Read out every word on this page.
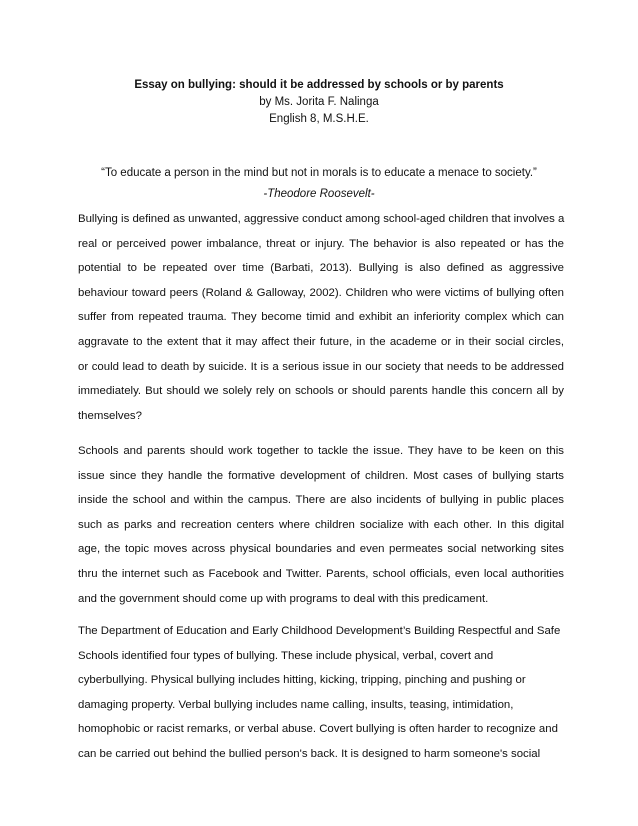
Essay on bullying: should it be addressed by schools or by parents
by Ms. Jorita F. Nalinga
English 8, M.S.H.E.
“To educate a person in the mind but not in morals is to educate a menace to society.”
-Theodore Roosevelt-
Bullying is defined as unwanted, aggressive conduct among school-aged children that involves a
real or perceived power imbalance, threat or injury. The behavior is also repeated or has the
potential to be repeated over time (Barbati, 2013). Bullying is also defined as aggressive
behaviour toward peers (Roland & Galloway, 2002). Children who were victims of bullying often
suffer from repeated trauma. They become timid and exhibit an inferiority complex which can
aggravate to the extent that it may affect their future, in the academe or in their social circles,
or could lead to death by suicide. It is a serious issue in our society that needs to be addressed
immediately. But should we solely rely on schools or should parents handle this concern all by
themselves?
Schools and parents should work together to tackle the issue. They have to be keen on this
issue since they handle the formative development of children. Most cases of bullying starts
inside the school and within the campus. There are also incidents of bullying in public places
such as parks and recreation centers where children socialize with each other. In this digital
age, the topic moves across physical boundaries and even permeates social networking sites
thru the internet such as Facebook and Twitter. Parents, school officials, even local authorities
and the government should come up with programs to deal with this predicament.
The Department of Education and Early Childhood Development’s Building Respectful and Safe
Schools identified four types of bullying. These include physical, verbal, covert and
cyberbullying. Physical bullying includes hitting, kicking, tripping, pinching and pushing or
damaging property. Verbal bullying includes name calling, insults, teasing, intimidation,
homophobic or racist remarks, or verbal abuse. Covert bullying is often harder to recognize and
can be carried out behind the bullied person's back. It is designed to harm someone's social
